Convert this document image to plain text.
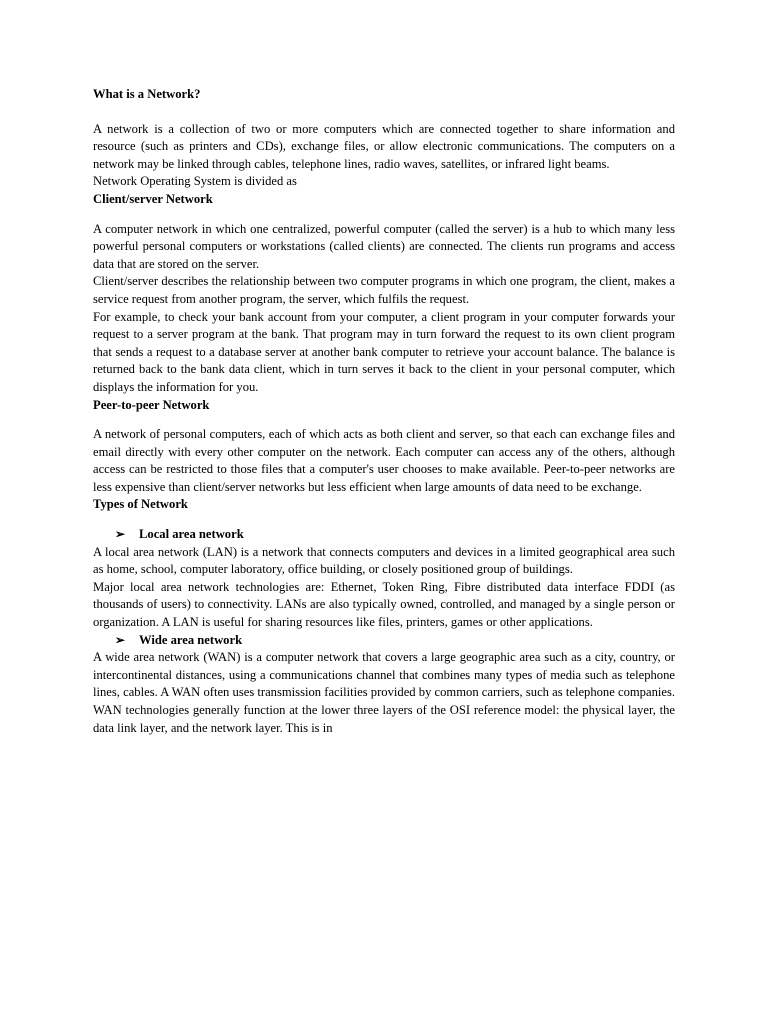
What is a Network?

A network is a collection of two or more computers which are connected together to share information and resource (such as printers and CDs), exchange files, or allow electronic communications. The computers on a network may be linked through cables, telephone lines, radio waves, satellites, or infrared light beams.

Network Operating System is divided as

Client/server Network

A computer network in which one centralized, powerful computer (called the server) is a hub to which many less powerful personal computers or workstations (called clients) are connected. The clients run programs and access data that are stored on the server.

Client/server describes the relationship between two computer programs in which one program, the client, makes a service request from another program, the server, which fulfils the request.

For example, to check your bank account from your computer, a client program in your computer forwards your request to a server program at the bank. That program may in turn forward the request to its own client program that sends a request to a database server at another bank computer to retrieve your account balance. The balance is returned back to the bank data client, which in turn serves it back to the client in your personal computer, which displays the information for you.

Peer-to-peer Network

A network of personal computers, each of which acts as both client and server, so that each can exchange files and email directly with every other computer on the network. Each computer can access any of the others, although access can be restricted to those files that a computer's user chooses to make available. Peer-to-peer networks are less expensive than client/server networks but less efficient when large amounts of data need to be exchange.

Types of Network
➢	Local area network

A local area network (LAN) is a network that connects computers and devices in a limited geographical area such as home, school, computer laboratory, office building, or closely positioned group of buildings.

Major local area network technologies are: Ethernet, Token Ring, Fibre distributed data interface FDDI (as thousands of users) to connectivity. LANs are also typically owned, controlled, and managed by a single person or organization. A LAN is useful for sharing resources like files, printers, games or other applications.

➢	Wide area network

A wide area network (WAN) is a computer network that covers a large geographic area such as a city, country, or intercontinental distances, using a communications channel that combines many types of media such as telephone lines, cables. A WAN often uses transmission facilities provided by common carriers, such as telephone companies. WAN technologies generally function at the lower three layers of the OSI reference model: the physical layer, the data link layer, and the network layer. This is in
